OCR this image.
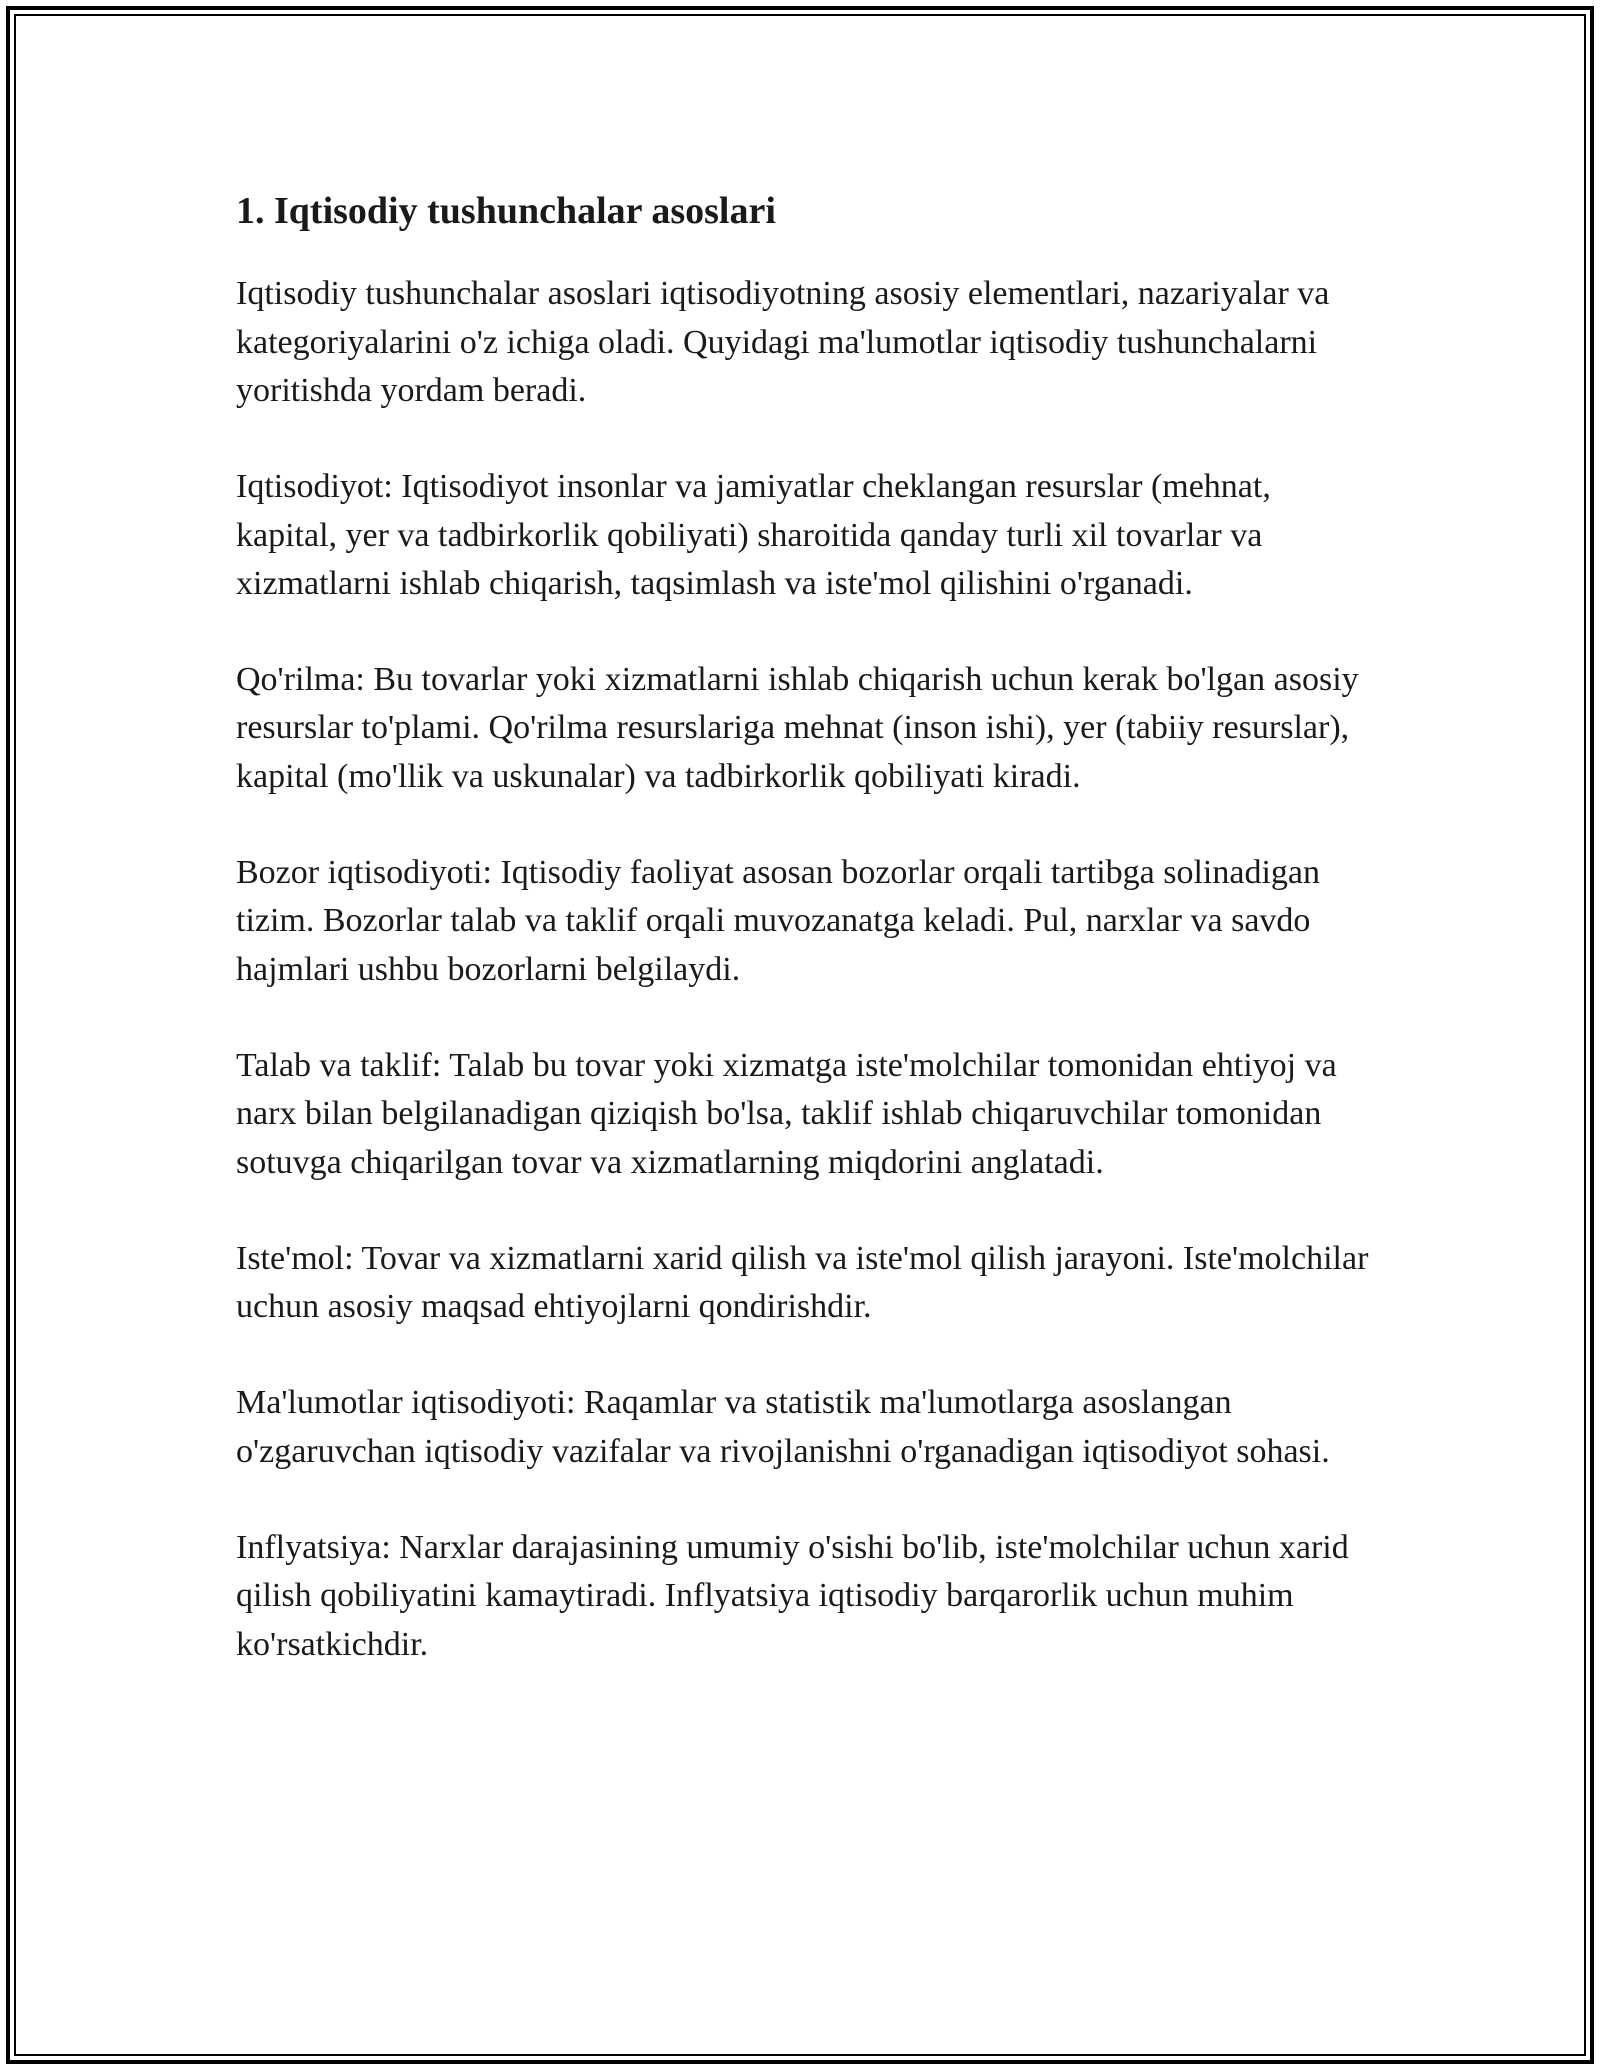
1. Iqtisodiy tushunchalar asoslari

Iqtisodiy tushunchalar asoslari iqtisodiyotning asosiy elementlari, nazariyalar va kategoriyalarini o'z ichiga oladi. Quyidagi ma'lumotlar iqtisodiy tushunchalarni yoritishda yordam beradi.

Iqtisodiyot: Iqtisodiyot insonlar va jamiyatlar cheklangan resurslar (mehnat, kapital, yer va tadbirkorlik qobiliyati) sharoitida qanday turli xil tovarlar va xizmatlarni ishlab chiqarish, taqsimlash va iste'mol qilishini o'rganadi.

Qo'rilma: Bu tovarlar yoki xizmatlarni ishlab chiqarish uchun kerak bo'lgan asosiy resurslar to'plami. Qo'rilma resurslariga mehnat (inson ishi), yer (tabiiy resurslar), kapital (mo'llik va uskunalar) va tadbirkorlik qobiliyati kiradi.

Bozor iqtisodiyoti: Iqtisodiy faoliyat asosan bozorlar orqali tartibga solinadigan tizim. Bozorlar talab va taklif orqali muvozanatga keladi. Pul, narxlar va savdo hajmlari ushbu bozorlarni belgilaydi.

Talab va taklif: Talab bu tovar yoki xizmatga iste'molchilar tomonidan ehtiyoj va narx bilan belgilanadigan qiziqish bo'lsa, taklif ishlab chiqaruvchilar tomonidan sotuvga chiqarilgan tovar va xizmatlarning miqdorini anglatadi.

Iste'mol: Tovar va xizmatlarni xarid qilish va iste'mol qilish jarayoni. Iste'molchilar uchun asosiy maqsad ehtiyojlarni qondirishdir.

Ma'lumotlar iqtisodiyoti: Raqamlar va statistik ma'lumotlarga asoslangan o'zgaruvchan iqtisodiy vazifalar va rivojlanishni o'rganadigan iqtisodiyot sohasi.

Inflyatsiya: Narxlar darajasining umumiy o'sishi bo'lib, iste'molchilar uchun xarid qilish qobiliyatini kamaytiradi. Inflyatsiya iqtisodiy barqarorlik uchun muhim ko'rsatkichdir.
